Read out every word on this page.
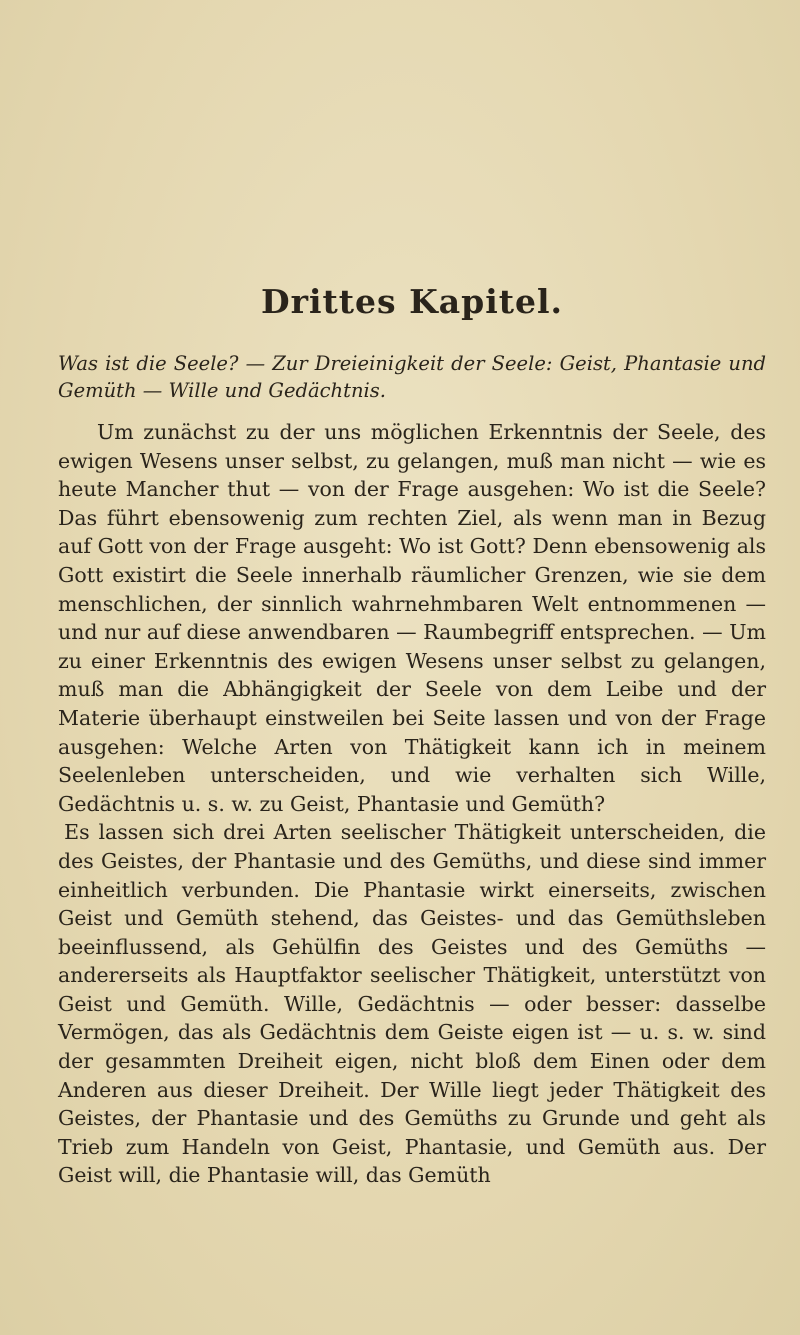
Drittes Kapitel.

Was ist die Seele? — Zur Dreieinigkeit der Seele: Geist, Phantasie und Gemüth — Wille und Gedächtnis.

Um zunächst zu der uns möglichen Erkenntnis der Seele, des ewigen Wesens unser selbst, zu gelangen, muß man nicht — wie es heute Mancher thut — von der Frage ausgehen: Wo ist die Seele? Das führt ebensowenig zum rechten Ziel, als wenn man in Bezug auf Gott von der Frage ausgeht: Wo ist Gott? Denn ebensowenig als Gott existirt die Seele innerhalb räumlicher Grenzen, wie sie dem menschlichen, der sinnlich wahrnehmbaren Welt entnommenen — und nur auf diese anwendbaren — Raumbegriff entsprechen. — Um zu einer Erkenntnis des ewigen Wesens unser selbst zu gelangen, muß man die Abhängigkeit der Seele von dem Leibe und der Materie überhaupt einstweilen bei Seite lassen und von der Frage ausgehen: Welche Arten von Thätigkeit kann ich in meinem Seelenleben unterscheiden, und wie verhalten sich Wille, Gedächtnis u. s. w. zu Geist, Phantasie und Gemüth?

Es lassen sich drei Arten seelischer Thätigkeit unterscheiden, die des Geistes, der Phantasie und des Gemüths, und diese sind immer einheitlich verbunden. Die Phantasie wirkt einerseits, zwischen Geist und Gemüth stehend, das Geistes- und das Gemüthsleben beeinflussend, als Gehülfin des Geistes und des Gemüths — andererseits als Hauptfaktor seelischer Thätigkeit, unterstützt von Geist und Gemüth. Wille, Gedächtnis — oder besser: dasselbe Vermögen, das als Gedächtnis dem Geiste eigen ist — u. s. w. sind der gesammten Dreiheit eigen, nicht bloß dem Einen oder dem Anderen aus dieser Dreiheit. Der Wille liegt jeder Thätigkeit des Geistes, der Phantasie und des Gemüths zu Grunde und geht als Trieb zum Handeln von Geist, Phantasie, und Gemüth aus. Der Geist will, die Phantasie will, das Gemüth
